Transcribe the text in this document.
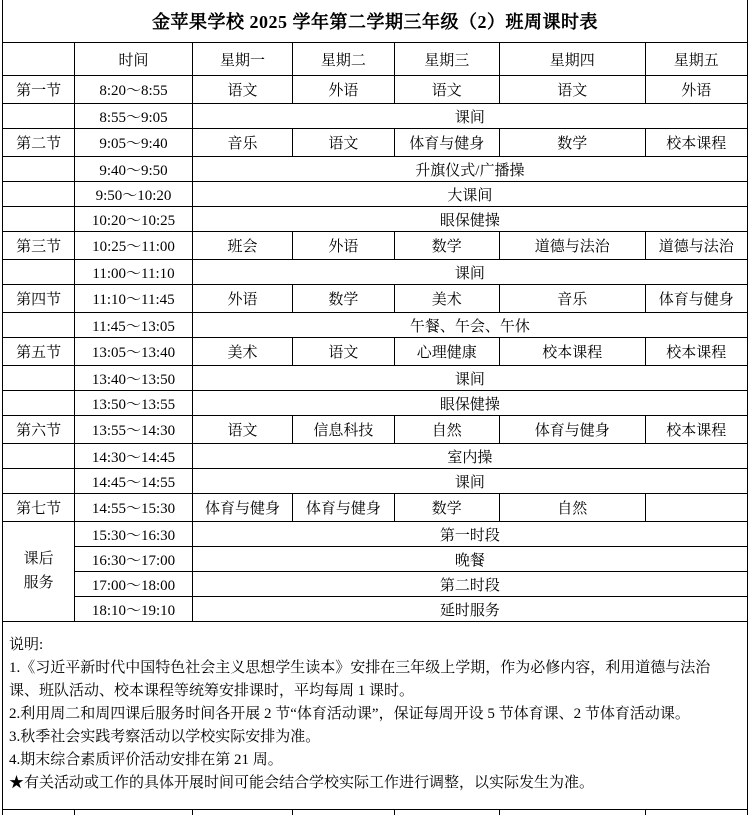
金苹果学校 2025 学年第二学期三年级（2）班周课时表
	时间	星期一	星期二	星期三	星期四	星期五
第一节	8:20～8:55	语文	外语	语文	语文	外语
	8:55～9:05	课间				
第二节	9:05～9:40	音乐	语文	体育与健身	数学	校本课程
	9:40～9:50	升旗仪式/广播操				
	9:50～10:20	大课间				
	10:20～10:25	眼保健操				
第三节	10:25～11:00	班会	外语	数学	道德与法治	道德与法治
	11:00～11:10	课间				
第四节	11:10～11:45	外语	数学	美术	音乐	体育与健身
	11:45～13:05	午餐、午会、午休				
第五节	13:05～13:40	美术	语文	心理健康	校本课程	校本课程
	13:40～13:50	课间				
	13:50～13:55	眼保健操				
第六节	13:55～14:30	语文	信息科技	自然	体育与健身	校本课程
	14:30～14:45	室内操				
	14:45～14:55	课间				
第七节	14:55～15:30	体育与健身	体育与健身	数学	自然	
课后服务	15:30～16:30	第一时段				
	16:30～17:00	晚餐				
	17:00～18:00	第二时段				
	18:10～19:10	延时服务				

说明:
1.《习近平新时代中国特色社会主义思想学生读本》安排在三年级上学期，作为必修内容，利用道德与法治课、班队活动、校本课程等统筹安排课时，平均每周 1 课时。
2.利用周二和周四课后服务时间各开展 2 节“体育活动课”，保证每周开设 5 节体育课、2 节体育活动课。
3.秋季社会实践考察活动以学校实际安排为准。
4.期末综合素质评价活动安排在第 21 周。
★有关活动或工作的具体开展时间可能会结合学校实际工作进行调整，以实际发生为准。
